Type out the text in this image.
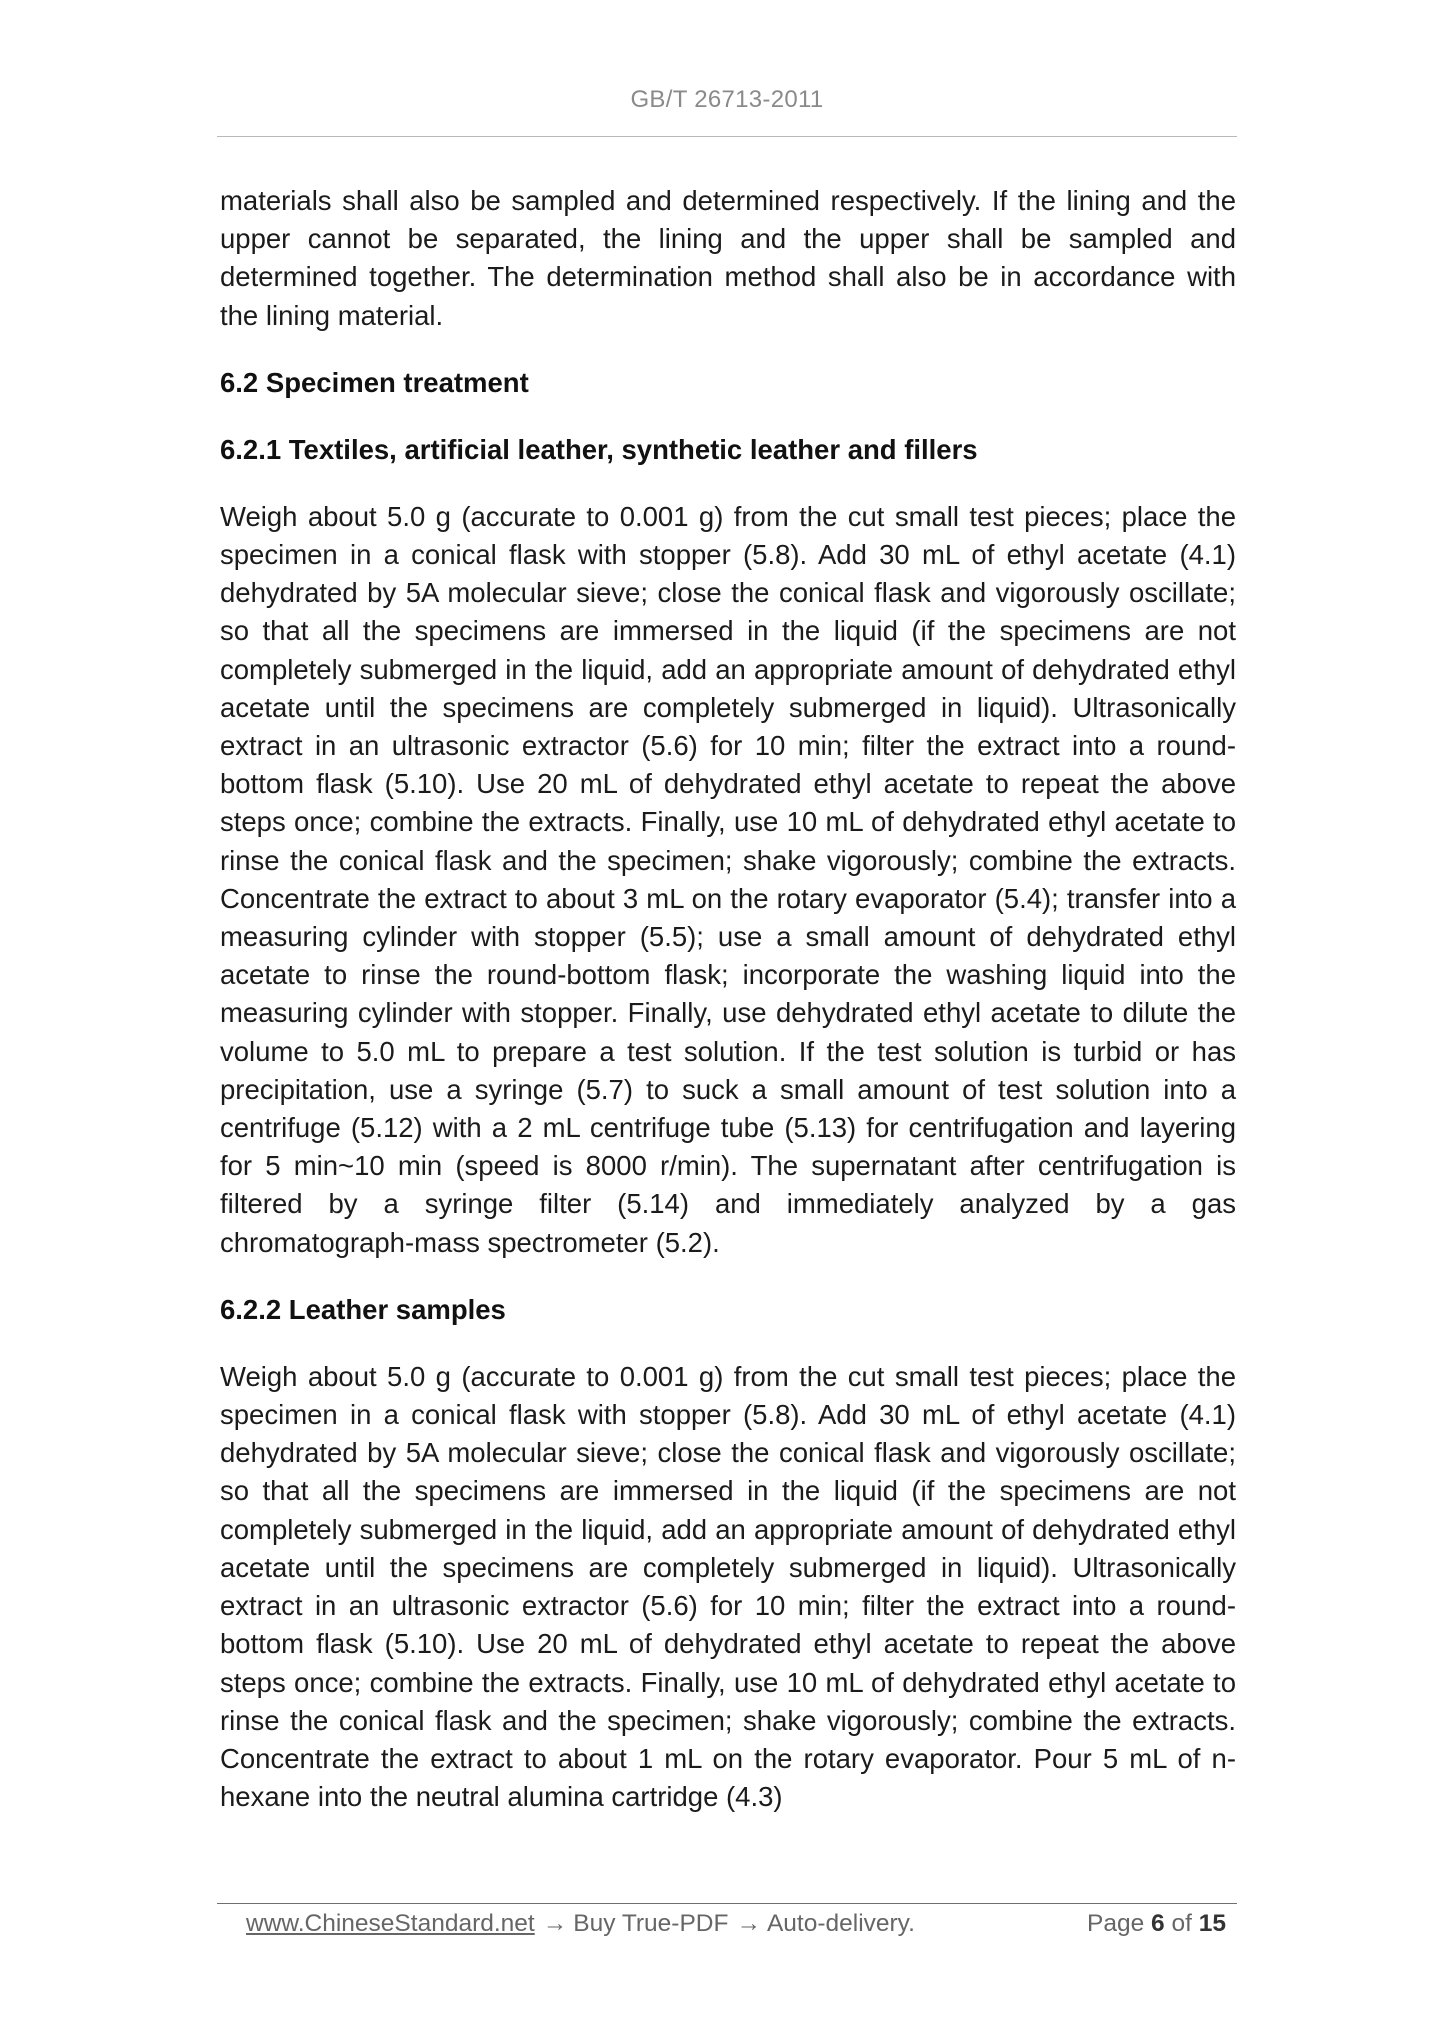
GB/T 26713-2011

materials shall also be sampled and determined respectively. If the lining and the upper cannot be separated, the lining and the upper shall be sampled and determined together. The determination method shall also be in accordance with the lining material.

6.2 Specimen treatment

6.2.1 Textiles, artificial leather, synthetic leather and fillers

Weigh about 5.0 g (accurate to 0.001 g) from the cut small test pieces; place the specimen in a conical flask with stopper (5.8). Add 30 mL of ethyl acetate (4.1) dehydrated by 5A molecular sieve; close the conical flask and vigorously oscillate; so that all the specimens are immersed in the liquid (if the specimens are not completely submerged in the liquid, add an appropriate amount of dehydrated ethyl acetate until the specimens are completely submerged in liquid). Ultrasonically extract in an ultrasonic extractor (5.6) for 10 min; filter the extract into a round-bottom flask (5.10). Use 20 mL of dehydrated ethyl acetate to repeat the above steps once; combine the extracts. Finally, use 10 mL of dehydrated ethyl acetate to rinse the conical flask and the specimen; shake vigorously; combine the extracts. Concentrate the extract to about 3 mL on the rotary evaporator (5.4); transfer into a measuring cylinder with stopper (5.5); use a small amount of dehydrated ethyl acetate to rinse the round-bottom flask; incorporate the washing liquid into the measuring cylinder with stopper. Finally, use dehydrated ethyl acetate to dilute the volume to 5.0 mL to prepare a test solution. If the test solution is turbid or has precipitation, use a syringe (5.7) to suck a small amount of test solution into a centrifuge (5.12) with a 2 mL centrifuge tube (5.13) for centrifugation and layering for 5 min~10 min (speed is 8000 r/min). The supernatant after centrifugation is filtered by a syringe filter (5.14) and immediately analyzed by a gas chromatograph-mass spectrometer (5.2).

6.2.2 Leather samples

Weigh about 5.0 g (accurate to 0.001 g) from the cut small test pieces; place the specimen in a conical flask with stopper (5.8). Add 30 mL of ethyl acetate (4.1) dehydrated by 5A molecular sieve; close the conical flask and vigorously oscillate; so that all the specimens are immersed in the liquid (if the specimens are not completely submerged in the liquid, add an appropriate amount of dehydrated ethyl acetate until the specimens are completely submerged in liquid). Ultrasonically extract in an ultrasonic extractor (5.6) for 10 min; filter the extract into a round-bottom flask (5.10). Use 20 mL of dehydrated ethyl acetate to repeat the above steps once; combine the extracts. Finally, use 10 mL of dehydrated ethyl acetate to rinse the conical flask and the specimen; shake vigorously; combine the extracts. Concentrate the extract to about 1 mL on the rotary evaporator. Pour 5 mL of n-hexane into the neutral alumina cartridge (4.3)

www.ChineseStandard.net → Buy True-PDF → Auto-delivery.	Page 6 of 15
